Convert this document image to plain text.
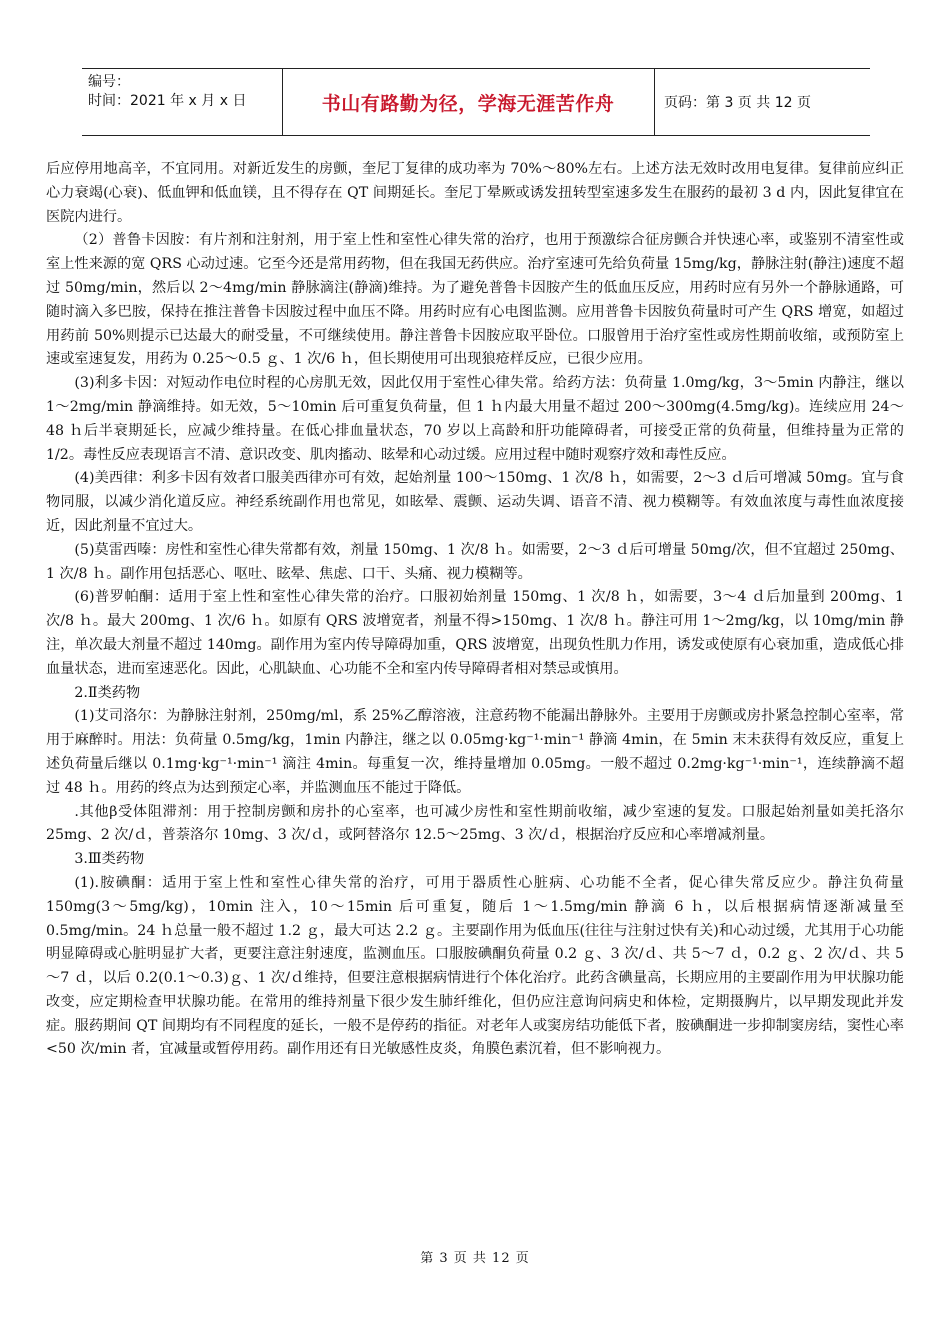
编号：
时间：2021 年 x 月 x 日	书山有路勤为径，学海无涯苦作舟	页码：第 3 页 共 12 页

后应停用地高辛，不宜同用。对新近发生的房颤，奎尼丁复律的成功率为 70%～80%左右。上述方法无效时改用电复律。复律前应纠正心力衰竭(心衰)、低血钾和低血镁，且不得存在 QT 间期延长。奎尼丁晕厥或诱发扭转型室速多发生在服药的最初 3 d 内，因此复律宜在医院内进行。

（2）普鲁卡因胺：有片剂和注射剂，用于室上性和室性心律失常的治疗，也用于预激综合征房颤合并快速心率，或鉴别不清室性或室上性来源的宽 QRS 心动过速。它至今还是常用药物，但在我国无药供应。治疗室速可先给负荷量 15mg/kg，静脉注射(静注)速度不超过 50mg/min，然后以 2～4mg/min 静脉滴注(静滴)维持。为了避免普鲁卡因胺产生的低血压反应，用药时应有另外一个静脉通路，可随时滴入多巴胺，保持在推注普鲁卡因胺过程中血压不降。用药时应有心电图监测。应用普鲁卡因胺负荷量时可产生 QRS 增宽，如超过用药前 50%则提示已达最大的耐受量，不可继续使用。静注普鲁卡因胺应取平卧位。口服曾用于治疗室性或房性期前收缩，或预防室上速或室速复发，用药为 0.25～0.5 ｇ、1 次/6 ｈ，但长期使用可出现狼疮样反应，已很少应用。

(3)利多卡因：对短动作电位时程的心房肌无效，因此仅用于室性心律失常。给药方法：负荷量 1.0mg/kg，3～5min 内静注，继以 1～2mg/min 静滴维持。如无效，5～10min 后可重复负荷量，但 1 ｈ内最大用量不超过 200～300mg(4.5mg/kg)。连续应用 24～48 ｈ后半衰期延长，应减少维持量。在低心排血量状态，70 岁以上高龄和肝功能障碍者，可接受正常的负荷量，但维持量为正常的 1/2。毒性反应表现语言不清、意识改变、肌肉搐动、眩晕和心动过缓。应用过程中随时观察疗效和毒性反应。

(4)美西律：利多卡因有效者口服美西律亦可有效，起始剂量 100～150mg、1 次/8 ｈ，如需要，2～3 ｄ后可增减 50mg。宜与食物同服，以减少消化道反应。神经系统副作用也常见，如眩晕、震颤、运动失调、语音不清、视力模糊等。有效血浓度与毒性血浓度接近，因此剂量不宜过大。

(5)莫雷西嗪：房性和室性心律失常都有效，剂量 150mg、1 次/8 ｈ。如需要，2～3 ｄ后可增量 50mg/次，但不宜超过 250mg、1 次/8 ｈ。副作用包括恶心、呕吐、眩晕、焦虑、口干、头痛、视力模糊等。

(6)普罗帕酮：适用于室上性和室性心律失常的治疗。口服初始剂量 150mg、1 次/8 ｈ，如需要，3～4 ｄ后加量到 200mg、1 次/8 ｈ。最大 200mg、1 次/6 ｈ。如原有 QRS 波增宽者，剂量不得>150mg、1 次/8 ｈ。静注可用 1～2mg/kg，以 10mg/min 静注，单次最大剂量不超过 140mg。副作用为室内传导障碍加重，QRS 波增宽，出现负性肌力作用，诱发或使原有心衰加重，造成低心排血量状态，进而室速恶化。因此，心肌缺血、心功能不全和室内传导障碍者相对禁忌或慎用。

2.Ⅱ类药物

(1)艾司洛尔：为静脉注射剂，250mg/ml，系 25%乙醇溶液，注意药物不能漏出静脉外。主要用于房颤或房扑紧急控制心室率，常用于麻醉时。用法：负荷量 0.5mg/kg，1min 内静注，继之以 0.05mg·kg⁻¹·min⁻¹ 静滴 4min，在 5min 末未获得有效反应，重复上述负荷量后继以 0.1mg·kg⁻¹·min⁻¹ 滴注 4min。每重复一次，维持量增加 0.05mg。一般不超过 0.2mg·kg⁻¹·min⁻¹，连续静滴不超过 48 ｈ。用药的终点为达到预定心率，并监测血压不能过于降低。

.其他β受体阻滞剂：用于控制房颤和房扑的心室率，也可减少房性和室性期前收缩，减少室速的复发。口服起始剂量如美托洛尔 25mg、2 次/ｄ，普萘洛尔 10mg、3 次/ｄ，或阿替洛尔 12.5～25mg、3 次/ｄ，根据治疗反应和心率增减剂量。

3.Ⅲ类药物

(1).胺碘酮：适用于室上性和室性心律失常的治疗，可用于器质性心脏病、心功能不全者，促心律失常反应少。静注负荷量 150mg(3～5mg/kg)，10min 注入，10～15min 后可重复，随后 1～1.5mg/min 静滴 6 ｈ，以后根据病情逐渐减量至 0.5mg/min。24 ｈ总量一般不超过 1.2 ｇ，最大可达 2.2 ｇ。主要副作用为低血压(往往与注射过快有关)和心动过缓，尤其用于心功能明显障碍或心脏明显扩大者，更要注意注射速度，监测血压。口服胺碘酮负荷量 0.2 ｇ、3 次/ｄ、共 5～7 ｄ，0.2 ｇ、2 次/ｄ、共 5～7 ｄ，以后 0.2(0.1～0.3)ｇ、1 次/ｄ维持，但要注意根据病情进行个体化治疗。此药含碘量高，长期应用的主要副作用为甲状腺功能改变，应定期检查甲状腺功能。在常用的维持剂量下很少发生肺纤维化，但仍应注意询问病史和体检，定期摄胸片，以早期发现此并发症。服药期间 QT 间期均有不同程度的延长，一般不是停药的指征。对老年人或窦房结功能低下者，胺碘酮进一步抑制窦房结，窦性心率<50 次/min 者，宜减量或暂停用药。副作用还有日光敏感性皮炎，角膜色素沉着，但不影响视力。

第 3 页 共 12 页
